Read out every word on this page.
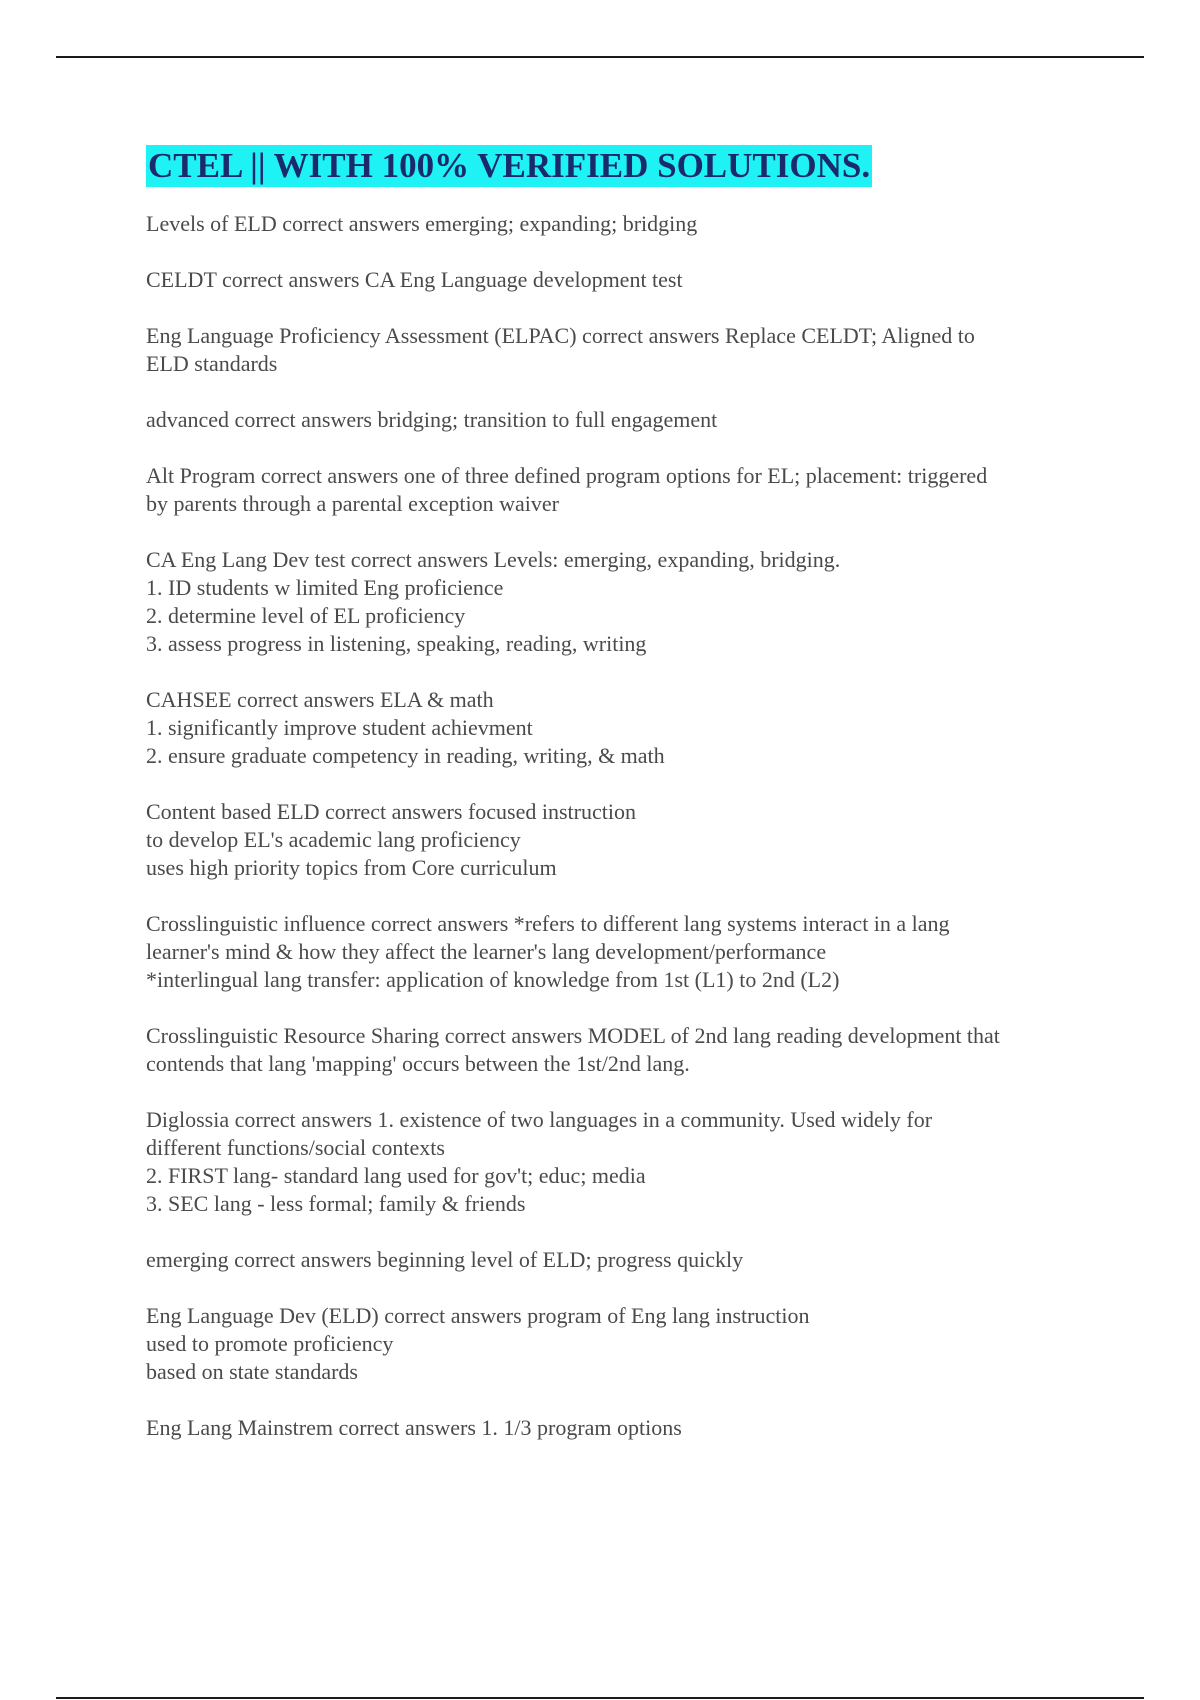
CTEL || WITH 100% VERIFIED SOLUTIONS.

Levels of ELD correct answers emerging; expanding; bridging

CELDT correct answers CA Eng Language development test

Eng Language Proficiency Assessment (ELPAC) correct answers Replace CELDT; Aligned to
ELD standards

advanced correct answers bridging; transition to full engagement

Alt Program correct answers one of three defined program options for EL; placement: triggered
by parents through a parental exception waiver

CA Eng Lang Dev test correct answers Levels: emerging, expanding, bridging.
1. ID students w limited Eng proficience
2. determine level of EL proficiency
3. assess progress in listening, speaking, reading, writing

CAHSEE correct answers ELA & math
1. significantly improve student achievment
2. ensure graduate competency in reading, writing, & math

Content based ELD correct answers focused instruction
to develop EL's academic lang proficiency
uses high priority topics from Core curriculum

Crosslinguistic influence correct answers *refers to different lang systems interact in a lang
learner's mind & how they affect the learner's lang development/performance
*interlingual lang transfer: application of knowledge from 1st (L1) to 2nd (L2)

Crosslinguistic Resource Sharing correct answers MODEL of 2nd lang reading development that
contends that lang 'mapping' occurs between the 1st/2nd lang.

Diglossia correct answers 1. existence of two languages in a community. Used widely for
different functions/social contexts
2. FIRST lang- standard lang used for gov't; educ; media
3. SEC lang - less formal; family & friends

emerging correct answers beginning level of ELD; progress quickly

Eng Language Dev (ELD) correct answers program of Eng lang instruction
used to promote proficiency
based on state standards

Eng Lang Mainstrem correct answers 1. 1/3 program options
